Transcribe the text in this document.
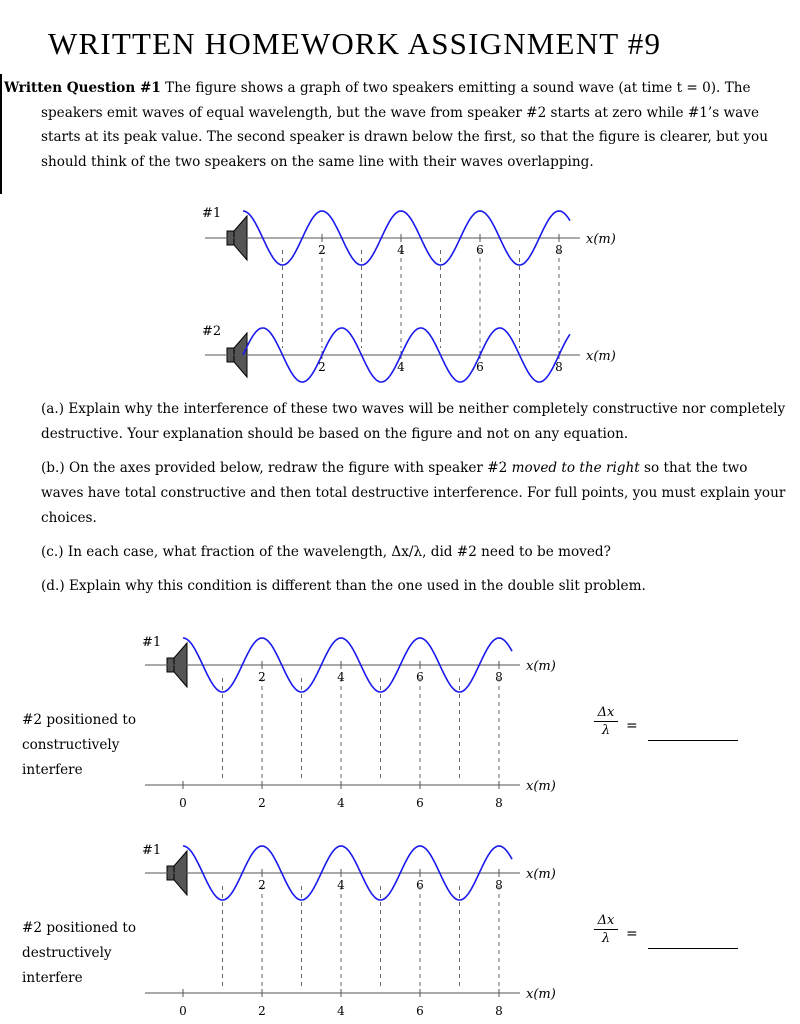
WRITTEN HOMEWORK ASSIGNMENT #9
Written Question #1 The figure shows a graph of two speakers emitting a sound wave (at time t = 0). The
speakers emit waves of equal wavelength, but the wave from speaker #2 starts at zero while #1’s wave starts at its peak value. The second speaker is drawn below the first, so that the figure is clearer, but you should think of the two speakers on the same line with their waves overlapping.
#1
2	4	6	8
x(m)
#2
2	4	6	8
x(m)
(a.) Explain why the interference of these two waves will be neither completely constructive nor completely destructive. Your explanation should be based on the figure and not on any equation.
(b.) On the axes provided below, redraw the figure with speaker #2 moved to the right so that the two waves have total constructive and then total destructive interference. For full points, you must explain your choices.
(c.) In each case, what fraction of the wavelength, Δx/λ, did #2 need to be moved?
(d.) Explain why this condition is different than the one used in the double slit problem.
#1
2	4	6	8
x(m)
0	2	4	6	8
x(m)
#1
2	4	6	8
x(m)
0	2	4	6	8
x(m)
#2 positioned to constructively interfere
#2 positioned to destructively interfere
$\frac{\Delta x}{\lambda}$ =
$\frac{\Delta x}{\lambda}$ =
